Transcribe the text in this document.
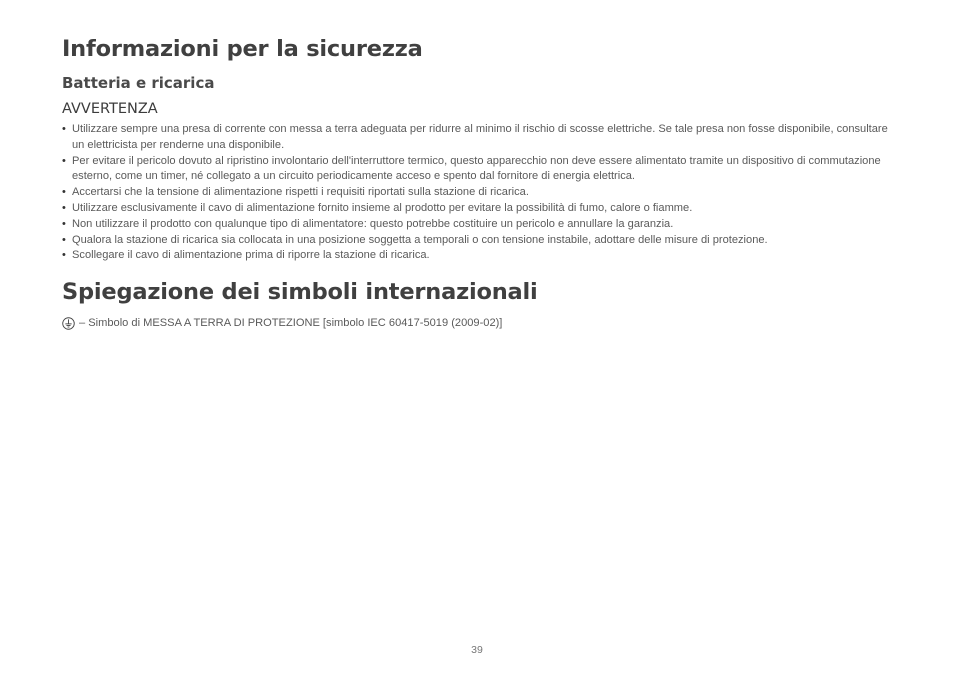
Informazioni per la sicurezza
Batteria e ricarica
AVVERTENZA
• Utilizzare sempre una presa di corrente con messa a terra adeguata per ridurre al minimo il rischio di scosse elettriche. Se tale presa non fosse disponibile, consultare un elettricista per renderne una disponibile.
• Per evitare il pericolo dovuto al ripristino involontario dell'interruttore termico, questo apparecchio non deve essere alimentato tramite un dispositivo di commutazione esterno, come un timer, né collegato a un circuito periodicamente acceso e spento dal fornitore di energia elettrica.
• Accertarsi che la tensione di alimentazione rispetti i requisiti riportati sulla stazione di ricarica.
• Utilizzare esclusivamente il cavo di alimentazione fornito insieme al prodotto per evitare la possibilità di fumo, calore o fiamme.
• Non utilizzare il prodotto con qualunque tipo di alimentatore: questo potrebbe costituire un pericolo e annullare la garanzia.
• Qualora la stazione di ricarica sia collocata in una posizione soggetta a temporali o con tensione instabile, adottare delle misure di protezione.
• Scollegare il cavo di alimentazione prima di riporre la stazione di ricarica.
Spiegazione dei simboli internazionali
– Simbolo di MESSA A TERRA DI PROTEZIONE [simbolo IEC 60417-5019 (2009-02)]
39
